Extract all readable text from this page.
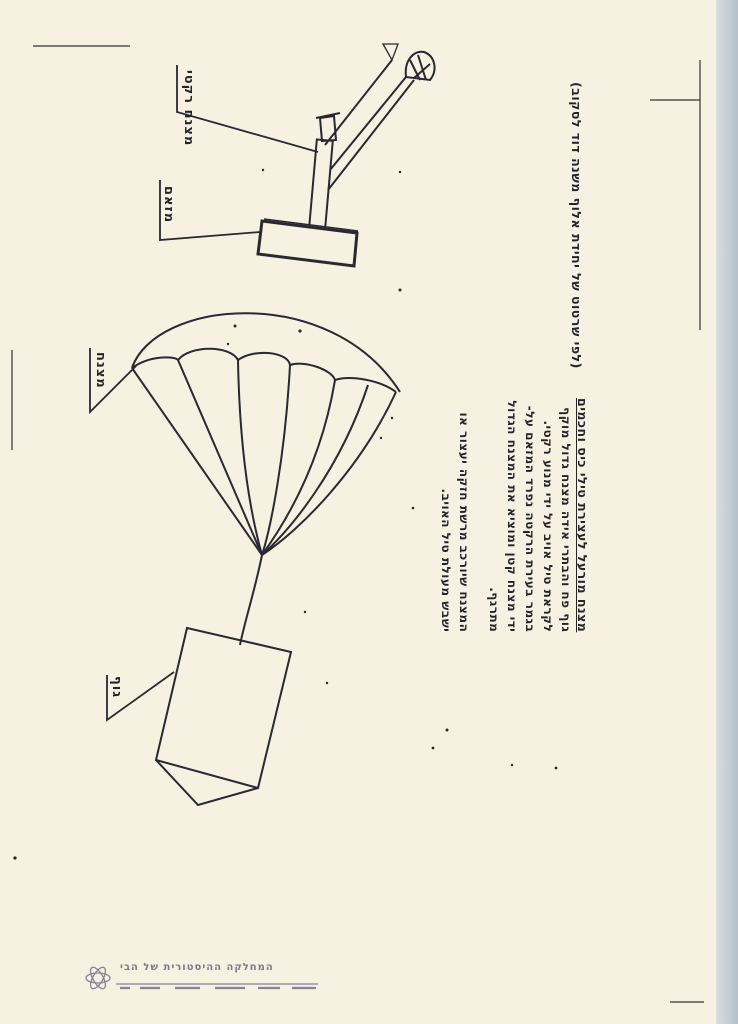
מצנח רקטי
מזאם
מצנח
גוף
מצנח מורעל לעצירת טילי כיס וחכמים
גוף פח והבתרי אידה מצנח גדול מוקף
לקראת טיל אויב על ידי מנוע רקטי.
בגמר בעירת הרקטה נפרד המזאם על-
ידי מצנח קטן ומוציא את המצנח הגדול
מתרגף.
המצנח שיורכב מרשת חזקה יעצור או
ישבש מעולת טיל האויב.
(לפי שרטוט של יחידת אלוף משנה דוד לסקוב)
המחלקה ההיסטורית של הבי
